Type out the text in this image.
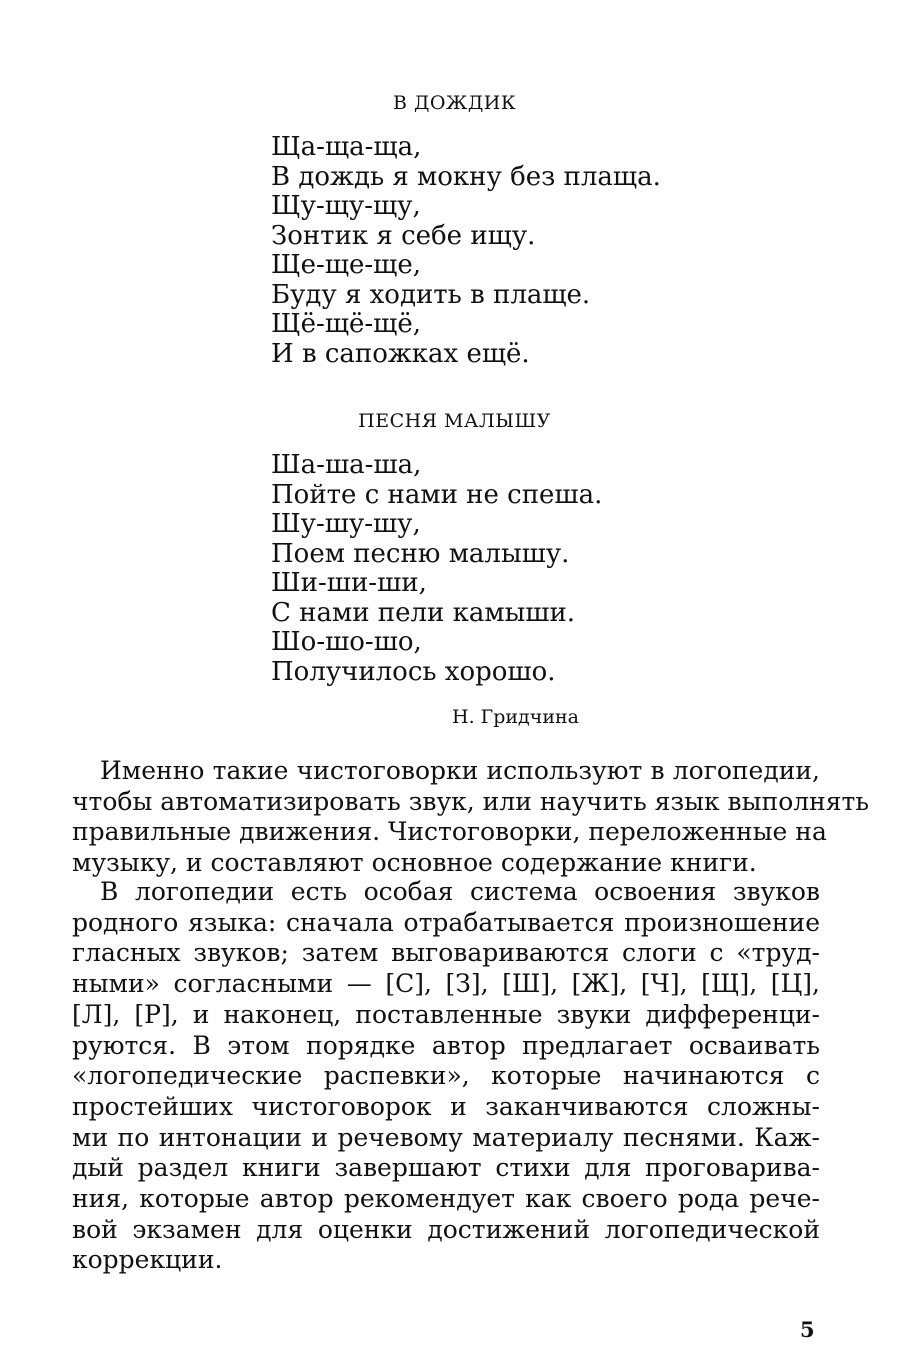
В ДОЖДИК
Ща-ща-ща,
В дождь я мокну без плаща.
Щу-щу-щу,
Зонтик я себе ищу.
Ще-ще-ще,
Буду я ходить в плаще.
Щё-щё-щё,
И в сапожках ещё.
ПЕСНЯ МАЛЫШУ
Ша-ша-ша,
Пойте с нами не спеша.
Шу-шу-шу,
Поем песню малышу.
Ши-ши-ши,
С нами пели камыши.
Шо-шо-шо,
Получилось хорошо.
Н. Гридчина
Именно такие чистоговорки используют в логопедии,
чтобы автоматизировать звук, или научить язык выполнять
правильные движения. Чистоговорки, переложенные на
музыку, и составляют основное содержание книги.
В логопедии есть особая система освоения звуков
родного языка: сначала отрабатывается произношение
гласных звуков; затем выговариваются слоги с «труд-
ными» согласными — [С], [З], [Ш], [Ж], [Ч], [Щ], [Ц],
[Л], [Р], и наконец, поставленные звуки дифференци-
руются. В этом порядке автор предлагает осваивать
«логопедические распевки», которые начинаются с
простейших чистоговорок и заканчиваются сложны-
ми по интонации и речевому материалу песнями. Каж-
дый раздел книги завершают стихи для проговарива-
ния, которые автор рекомендует как своего рода рече-
вой экзамен для оценки достижений логопедической
коррекции.
5
